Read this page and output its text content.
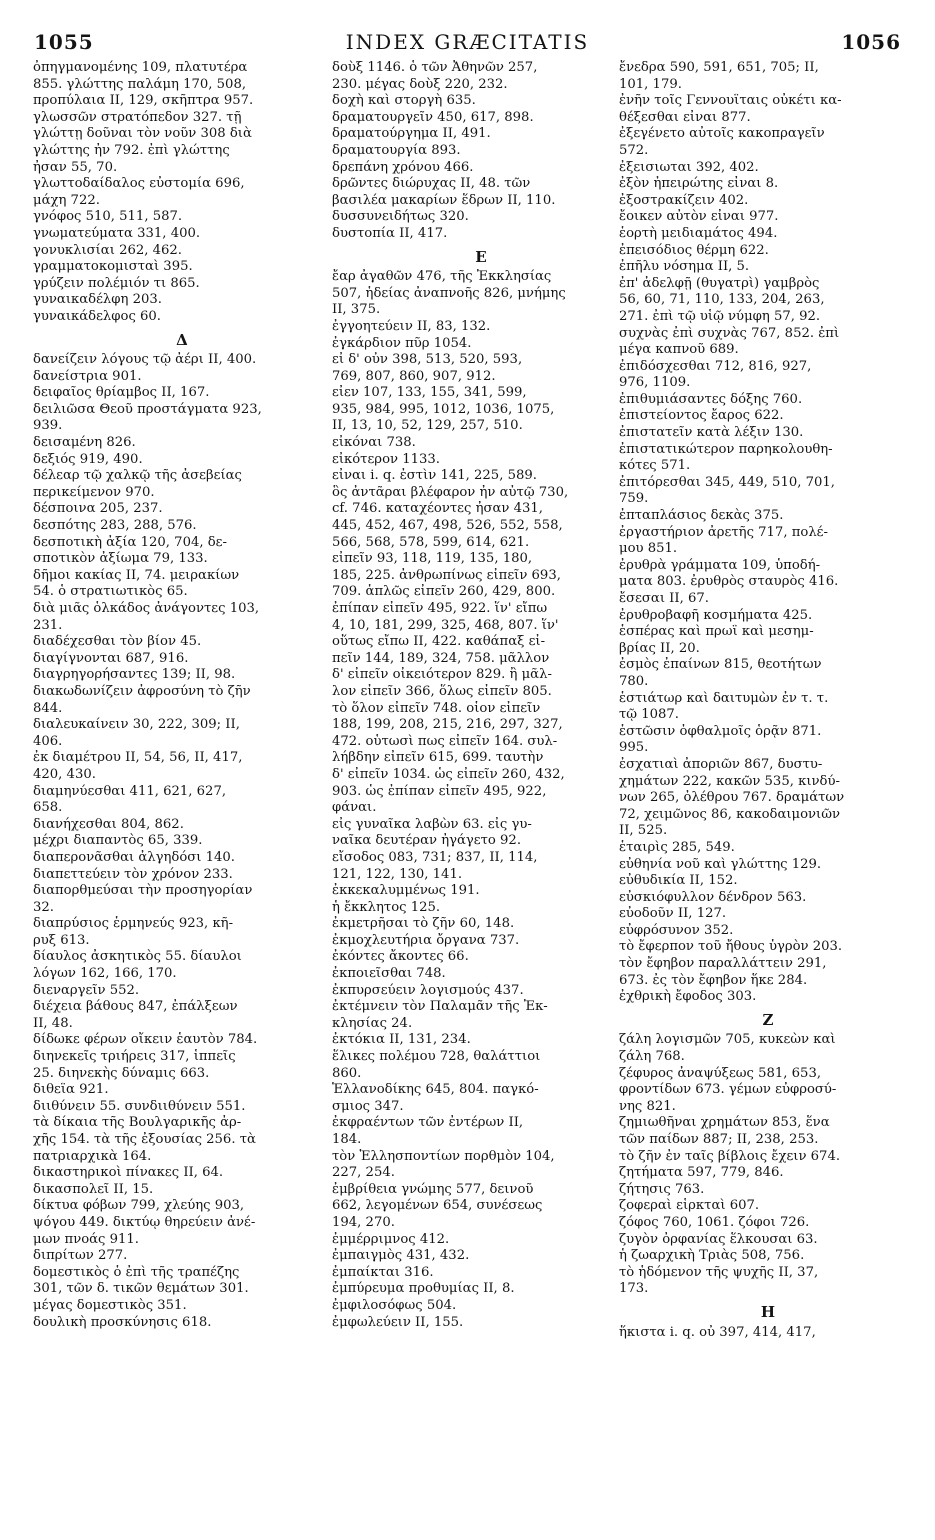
1055	INDEX GRÆCITATIS	1056
ὀπηγμανομένης 109, πλατυτέρα
855. γλώττης παλάμη 170, 508,
προπύλαια II, 129, σκῆπτρα 957.
γλωσσῶν στρατόπεδον 327. τῇ
γλώττῃ δοῦναι τὸν νοῦν 308 διὰ
γλώττης ἦν 792. ἐπὶ γλώττης
ἦσαν 55, 70.
γλωττοδαίδαλος εὐστομία 696,
μάχη 722.
γνόφος 510, 511, 587.
γνωματεύματα 331, 400.
γονυκλισίαι 262, 462.
γραμματοκομισταὶ 395.
γρύζειν πολέμιόν τι 865.
γυναικαδέλφη 203.
γυναικάδελφος 60.
Δ
δανείζειν λόγους τῷ ἀέρι II, 400.
δανείστρια 901.
δειφαῖος θρίαμβος II, 167.
δειλιῶσα Θεοῦ προστάγματα 923,
939.
δεισαμένη 826.
δεξιός 919, 490.
δέλεαρ τῷ χαλκῷ τῆς ἀσεβείας
περικείμενον 970.
δέσποινα 205, 237.
δεσπότης 283, 288, 576.
δεσποτικὴ ἀξία 120, 704, δε-
σποτικὸν ἀξίωμα 79, 133.
δῆμοι κακίας II, 74. μειρακίων
54. ὁ στρατιωτικὸς 65.
διὰ μιᾶς ὁλκάδος ἀνάγοντες 103,
231.
διαδέχεσθαι τὸν βίον 45.
διαγίγνονται 687, 916.
διαγρηγορήσαντες 139; II, 98.
διακωδωνίζειν ἀφροσύνη τὸ ζῆν
844.
διαλευκαίνειν 30, 222, 309; II,
406.
ἐκ διαμέτρου II, 54, 56, II, 417,
420, 430.
διαμηνύεσθαι 411, 621, 627,
658.
διανήχεσθαι 804, 862.
μέχρι διαπαντὸς 65, 339.
διαπερονᾶσθαι ἀλγηδόσι 140.
διαπεττεύειν τὸν χρόνον 233.
διαπορθμεύσαι τὴν προσηγορίαν
32.
διαπρύσιος ἑρμηνεύς 923, κῆ-
ρυξ 613.
δίαυλος ἀσκητικὸς 55. δίαυλοι
λόγων 162, 166, 170.
διεναργεῖν 552.
διέχεια βάθους 847, ἐπάλξεων
II, 48.
δίδωκε φέρων οἴκειν ἑαυτὸν 784.
διηνεκεῖς τριήρεις 317, ἱππεῖς
25. διηνεκὴς δύναμις 663.
διθεΐα 921.
διιθύνειν 55. συνδιιθύνειν 551.
τὰ δίκαια τῆς Βουλγαρικῆς ἀρ-
χῆς 154. τὰ τῆς ἐξουσίας 256. τὰ
πατριαρχικὰ 164.
δικαστηρικοὶ πίνακες II, 64.
δικασπολεῖ II, 15.
δίκτυα φόβων 799, χλεύης 903,
ψόγου 449. δικτύῳ θηρεύειν ἀνέ-
μων πνοάς 911.
διπρίτων 277.
δομεστικὸς ὁ ἐπὶ τῆς τραπέζης
301, τῶν δ. τικῶν θεμάτων 301.
μέγας δομεστικὸς 351.
δουλικὴ προσκύνησις 618.
δοὺξ 1146. ὁ τῶν Ἀθηνῶν 257,
230. μέγας δοὺξ 220, 232.
δοχὴ καὶ στοργὴ 635.
δραματουργεῖν 450, 617, 898.
δραματούργημα II, 491.
δραματουργία 893.
δρεπάνη χρόνου 466.
δρῶντες διώρυχας II, 48. τῶν
βασιλέα μακαρίων ἕδρων II, 110.
δυσσυνειδήτως 320.
δυστοπία II, 417.
Ε
ἔαρ ἀγαθῶν 476, τῆς Ἐκκλησίας
507, ἡδείας ἀναπνοῆς 826, μνήμης
II, 375.
ἐγγοητεύειν II, 83, 132.
ἐγκάρδιον πῦρ 1054.
εἰ δ' οὖν 398, 513, 520, 593,
769, 807, 860, 907, 912.
εἶεν 107, 133, 155, 341, 599,
935, 984, 995, 1012, 1036, 1075,
II, 13, 10, 52, 129, 257, 510.
εἰκόναι 738.
εἰκότερον 1133.
εἶναι i. q. ἐστὶν 141, 225, 589.
ὃς ἀντᾶραι βλέφαρον ἦν αὐτῷ 730,
cf. 746. καταχέοντες ἦσαν 431,
445, 452, 467, 498, 526, 552, 558,
566, 568, 578, 599, 614, 621.
εἰπεῖν 93, 118, 119, 135, 180,
185, 225. ἀνθρωπίνως εἰπεῖν 693,
709. ἁπλῶς εἰπεῖν 260, 429, 800.
ἐπίπαν εἰπεῖν 495, 922. ἵν' εἴπω
4, 10, 181, 299, 325, 468, 807. ἵν'
οὕτως εἴπω II, 422. καθάπαξ εἰ-
πεῖν 144, 189, 324, 758. μᾶλλον
δ' εἰπεῖν οἰκειότερον 829. ἢ μᾶλ-
λον εἰπεῖν 366, ὅλως εἰπεῖν 805.
τὸ ὅλον εἰπεῖν 748. οἷον εἰπεῖν
188, 199, 208, 215, 216, 297, 327,
472. οὑτωσὶ πως εἰπεῖν 164. συλ-
λήβδην εἰπεῖν 615, 699. ταυτὴν
δ' εἰπεῖν 1034. ὡς εἰπεῖν 260, 432,
903. ὡς ἐπίπαν εἰπεῖν 495, 922,
φάναι.
εἰς γυναῖκα λαβὼν 63. εἰς γυ-
ναῖκα δευτέραν ἠγάγετο 92.
εἴσοδος 083, 731; 837, II, 114,
121, 122, 130, 141.
ἐκκεκαλυμμένως 191.
ἡ ἔκκλητος 125.
ἐκμετρῆσαι τὸ ζῆν 60, 148.
ἐκμοχλευτήρια ὄργανα 737.
ἐκόντες ἄκοντες 66.
ἐκποιεῖσθαι 748.
ἐκπυρσεύειν λογισμούς 437.
ἐκτέμνειν τὸν Παλαμᾶν τῆς Ἐκ-
κλησίας 24.
ἐκτόκια II, 131, 234.
ἕλικες πολέμου 728, θαλάττιοι
860.
Ἑλλανοδίκης 645, 804. παγκό-
σμιος 347.
ἐκφραέντων τῶν ἐντέρων II,
184.
τὸν Ἑλλησποντίων πορθμὸν 104,
227, 254.
ἐμβρίθεια γνώμης 577, δεινοῦ
662, λεγομένων 654, συνέσεως
194, 270.
ἐμμέρριμνος 412.
ἐμπαιγμὸς 431, 432.
ἐμπαίκται 316.
ἐμπύρευμα προθυμίας II, 8.
ἐμφιλοσόφως 504.
ἐμφωλεύειν II, 155.
ἔνεδρα 590, 591, 651, 705; II,
101, 179.
ἐνῆν τοῖς Γεννουΐταις οὐκέτι κα-
θέξεσθαι εἶναι 877.
ἐξεγένετο αὐτοῖς κακοπραγεῖν
572.
ἐξεισιωται 392, 402.
ἐξὸν ἠπειρώτης εἶναι 8.
ἐξοστρακίζειν 402.
ἔοικεν αὐτὸν εἶναι 977.
ἑορτὴ μειδιαμάτος 494.
ἐπεισόδιος θέρμη 622.
ἐπῆλυ νόσημα II, 5.
ἐπ' ἀδελφῇ (θυγατρὶ) γαμβρὸς
56, 60, 71, 110, 133, 204, 263,
271. ἐπὶ τῷ υἱῷ νύμφη 57, 92.
συχνὰς ἐπὶ συχνὰς 767, 852. ἐπὶ
μέγα καπνοῦ 689.
ἐπιδόσχεσθαι 712, 816, 927,
976, 1109.
ἐπιθυμιάσαντες δόξης 760.
ἐπιστείοντος ἔαρος 622.
ἐπιστατεῖν κατὰ λέξιν 130.
ἐπιστατικώτερον παρηκολουθη-
κότες 571.
ἐπιτόρεσθαι 345, 449, 510, 701,
759.
ἐπταπλάσιος δεκὰς 375.
ἐργαστήριον ἀρετῆς 717, πολέ-
μου 851.
ἐρυθρὰ γράμματα 109, ὑποδή-
ματα 803. ἐρυθρὸς σταυρὸς 416.
ἔσεσαι II, 67.
ἐρυθροβαφῆ κοσμήματα 425.
ἑσπέρας καὶ πρωῒ καὶ μεσημ-
βρίας II, 20.
ἐσμὸς ἐπαίνων 815, θεοτήτων
780.
ἑστιάτωρ καὶ δαιτυμὼν ἐν τ. τ.
τῷ 1087.
ἑστῶσιν ὀφθαλμοῖς ὁρᾷν 871.
995.
ἐσχατιαὶ ἀποριῶν 867, δυστυ-
χημάτων 222, κακῶν 535, κινδύ-
νων 265, ὀλέθρου 767. δραμάτων
72, χειμῶνος 86, κακοδαιμονιῶν
II, 525.
ἑταιρὶς 285, 549.
εὐθηνία νοῦ καὶ γλώττης 129.
εὐθυδικία II, 152.
εὐσκιόφυλλον δένδρον 563.
εὐοδοῦν II, 127.
εὐφρόσυνον 352.
τὸ ἔφερπον τοῦ ἤθους ὑγρὸν 203.
τὸν ἔφηβον παραλλάττειν 291,
673. ἐς τὸν ἔφηβον ἥκε 284.
ἐχθρικὴ ἔφοδος 303.
Ζ
ζάλη λογισμῶν 705, κυκεὼν καὶ
ζάλη 768.
ζέφυρος ἀναψύξεως 581, 653,
φροντίδων 673. γέμων εὐφροσύ-
νης 821.
ζημιωθῆναι χρημάτων 853, ἕνα
τῶν παίδων 887; II, 238, 253.
τὸ ζῆν ἐν ταῖς βίβλοις ἔχειν 674.
ζητήματα 597, 779, 846.
ζήτησις 763.
ζοφεραὶ εἱρκταὶ 607.
ζόφος 760, 1061. ζόφοι 726.
ζυγὸν ὀρφανίας ἕλκουσαι 63.
ἡ ζωαρχικὴ Τριὰς 508, 756.
τὸ ἡδόμενον τῆς ψυχῆς II, 37,
173.
Η
ἥκιστα i. q. οὐ 397, 414, 417,
